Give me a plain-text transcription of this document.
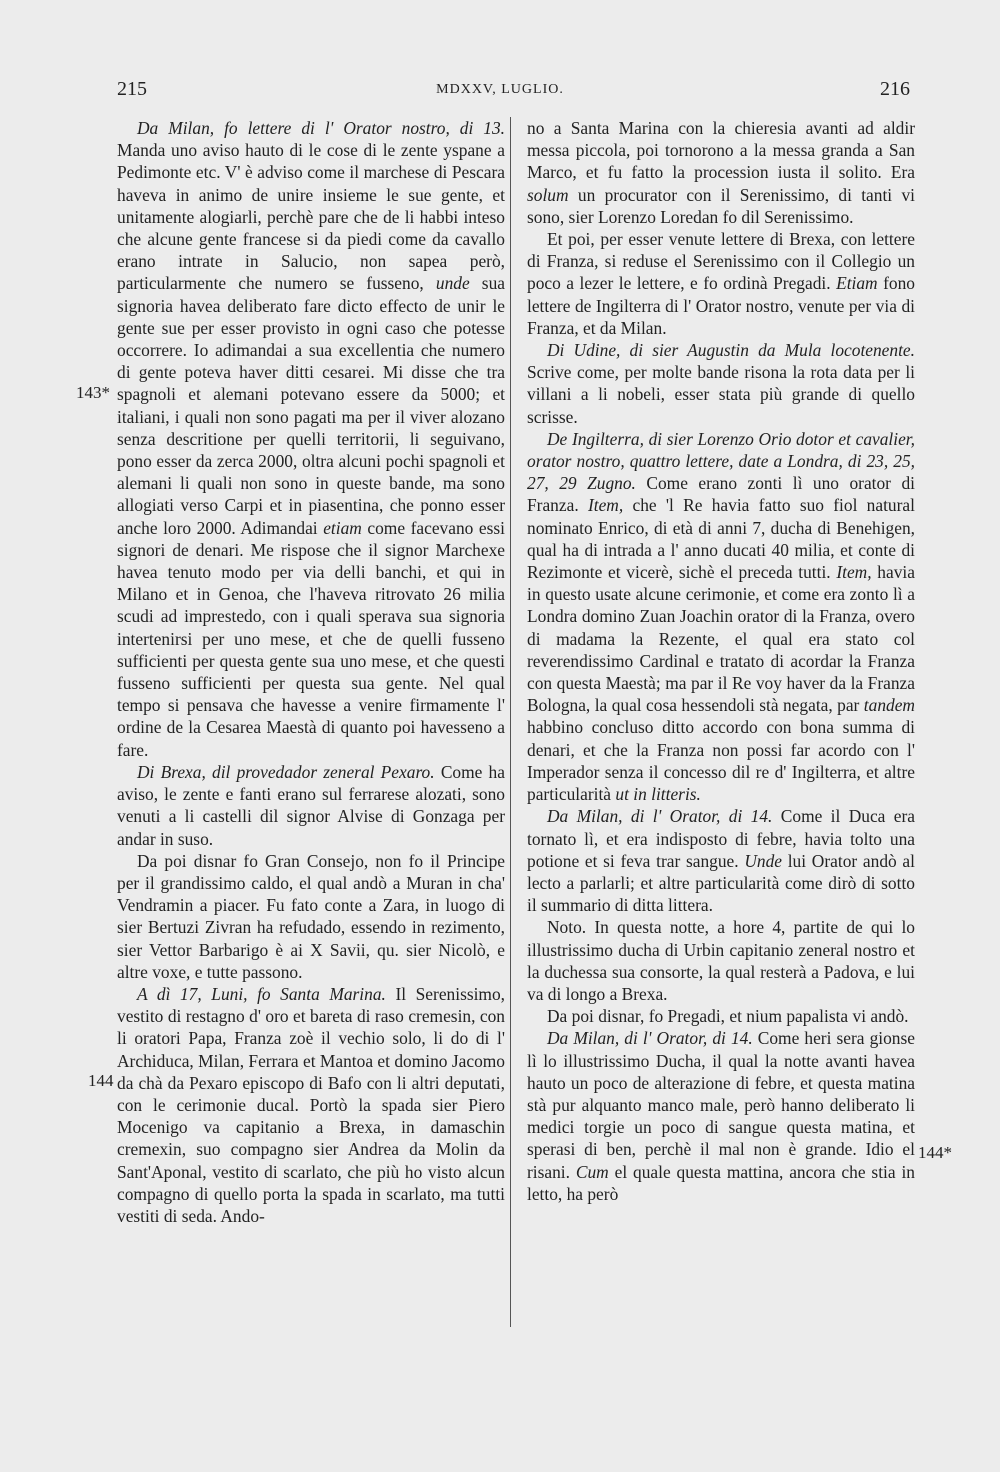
215	MDXXV, LUGLIO.	216
143*
144
144*

Da Milan, fo lettere di l' Orator nostro, di 13. Manda uno aviso hauto di le cose di le zente yspane a Pedimonte etc. V' è adviso come il marchese di Pescara haveva in animo de unire insieme le sue gente, et unitamente alogiarli, perchè pare che de li habbi inteso che alcune gente francese si da piedi come da cavallo erano intrate in Salucio, non sapea però, particularmente che numero se fusseno, unde sua signoria havea deliberato fare dicto effecto de unir le gente sue per esser provisto in ogni caso che potesse occorrere. Io adimandai a sua excellentia che numero di gente poteva haver ditti cesarei. Mi disse che tra spagnoli et alemani potevano essere da 5000; et italiani, i quali non sono pagati ma per il viver alozano senza descritione per quelli territorii, li seguivano, pono esser da zerca 2000, oltra alcuni pochi spagnoli et alemani li quali non sono in queste bande, ma sono allogiati verso Carpi et in piasentina, che ponno esser anche loro 2000. Adimandai etiam come facevano essi signori de denari. Me rispose che il signor Marchexe havea tenuto modo per via delli banchi, et qui in Milano et in Genoa, che l'haveva ritrovato 26 milia scudi ad imprestedo, con i quali sperava sua signoria intertenirsi per uno mese, et che de quelli fusseno sufficienti per questa gente sua uno mese, et che questi fusseno sufficienti per questa sua gente. Nel qual tempo si pensava che havesse a venire firmamente l' ordine de la Cesarea Maestà di quanto poi havesseno a fare.

Di Brexa, dil provedador zeneral Pexaro. Come ha aviso, le zente e fanti erano sul ferrarese alozati, sono venuti a li castelli dil signor Alvise di Gonzaga per andar in suso.

Da poi disnar fo Gran Consejo, non fo il Principe per il grandissimo caldo, el qual andò a Muran in cha' Vendramin a piacer. Fu fato conte a Zara, in luogo di sier Bertuzi Zivran ha refudado, essendo in rezimento, sier Vettor Barbarigo è ai X Savii, qu. sier Nicolò, e altre voxe, e tutte passono.

A dì 17, Luni, fo Santa Marina. Il Serenissimo, vestito di restagno d' oro et bareta di raso cremesin, con li oratori Papa, Franza zoè il vechio solo, li do di l' Archiduca, Milan, Ferrara et Mantoa et domino Jacomo da chà da Pexaro episcopo di Bafo con li altri deputati, con le cerimonie ducal. Portò la spada sier Piero Mocenigo va capitanio a Brexa, in damaschin cremexin, suo compagno sier Andrea da Molin da Sant'Aponal, vestito di scarlato, che più ho visto alcun compagno di quello porta la spada in scarlato, ma tutti vestiti di seda. Ando-

no a Santa Marina con la chieresia avanti ad aldir messa piccola, poi tornorono a la messa granda a San Marco, et fu fatto la procession iusta il solito. Era solum un procurator con il Serenissimo, di tanti vi sono, sier Lorenzo Loredan fo dil Serenissimo.

Et poi, per esser venute lettere di Brexa, con lettere di Franza, si reduse el Serenissimo con il Collegio un poco a lezer le lettere, e fo ordinà Pregadi. Etiam fono lettere de Ingilterra di l' Orator nostro, venute per via di Franza, et da Milan.

Di Udine, di sier Augustin da Mula locotenente. Scrive come, per molte bande risona la rota data per li villani a li nobeli, esser stata più grande di quello scrisse.

De Ingilterra, di sier Lorenzo Orio dotor et cavalier, orator nostro, quattro lettere, date a Londra, di 23, 25, 27, 29 Zugno. Come erano zonti lì uno orator di Franza. Item, che 'l Re havia fatto suo fiol natural nominato Enrico, di età di anni 7, ducha di Benehigen, qual ha di intrada a l' anno ducati 40 milia, et conte di Rezimonte et vicerè, sichè el preceda tutti. Item, havia in questo usate alcune cerimonie, et come era zonto lì a Londra domino Zuan Joachin orator di la Franza, overo di madama la Rezente, el qual era stato col reverendissimo Cardinal e tratato di acordar la Franza con questa Maestà; ma par il Re voy haver da la Franza Bologna, la qual cosa hessendoli stà negata, par tandem habbino concluso ditto accordo con bona summa di denari, et che la Franza non possi far acordo con l' Imperador senza il concesso dil re d' Ingilterra, et altre particularità ut in litteris.

Da Milan, di l' Orator, di 14. Come il Duca era tornato lì, et era indisposto di febre, havia tolto una potione et si feva trar sangue. Unde lui Orator andò al lecto a parlarli; et altre particularità come dirò di sotto il summario di ditta littera.

Noto. In questa notte, a hore 4, partite de qui lo illustrissimo ducha di Urbin capitanio zeneral nostro et la duchessa sua consorte, la qual resterà a Padova, e lui va di longo a Brexa.

Da poi disnar, fo Pregadi, et nium papalista vi andò.

Da Milan, di l' Orator, di 14. Come heri sera gionse lì lo illustrissimo Ducha, il qual la notte avanti havea hauto un poco de alterazione di febre, et questa matina stà pur alquanto manco male, però hanno deliberato li medici torgie un poco di sangue questa matina, et sperasi di ben, perchè il mal non è grande. Idio el risani. Cum el quale questa mattina, ancora che stia in letto, ha però
